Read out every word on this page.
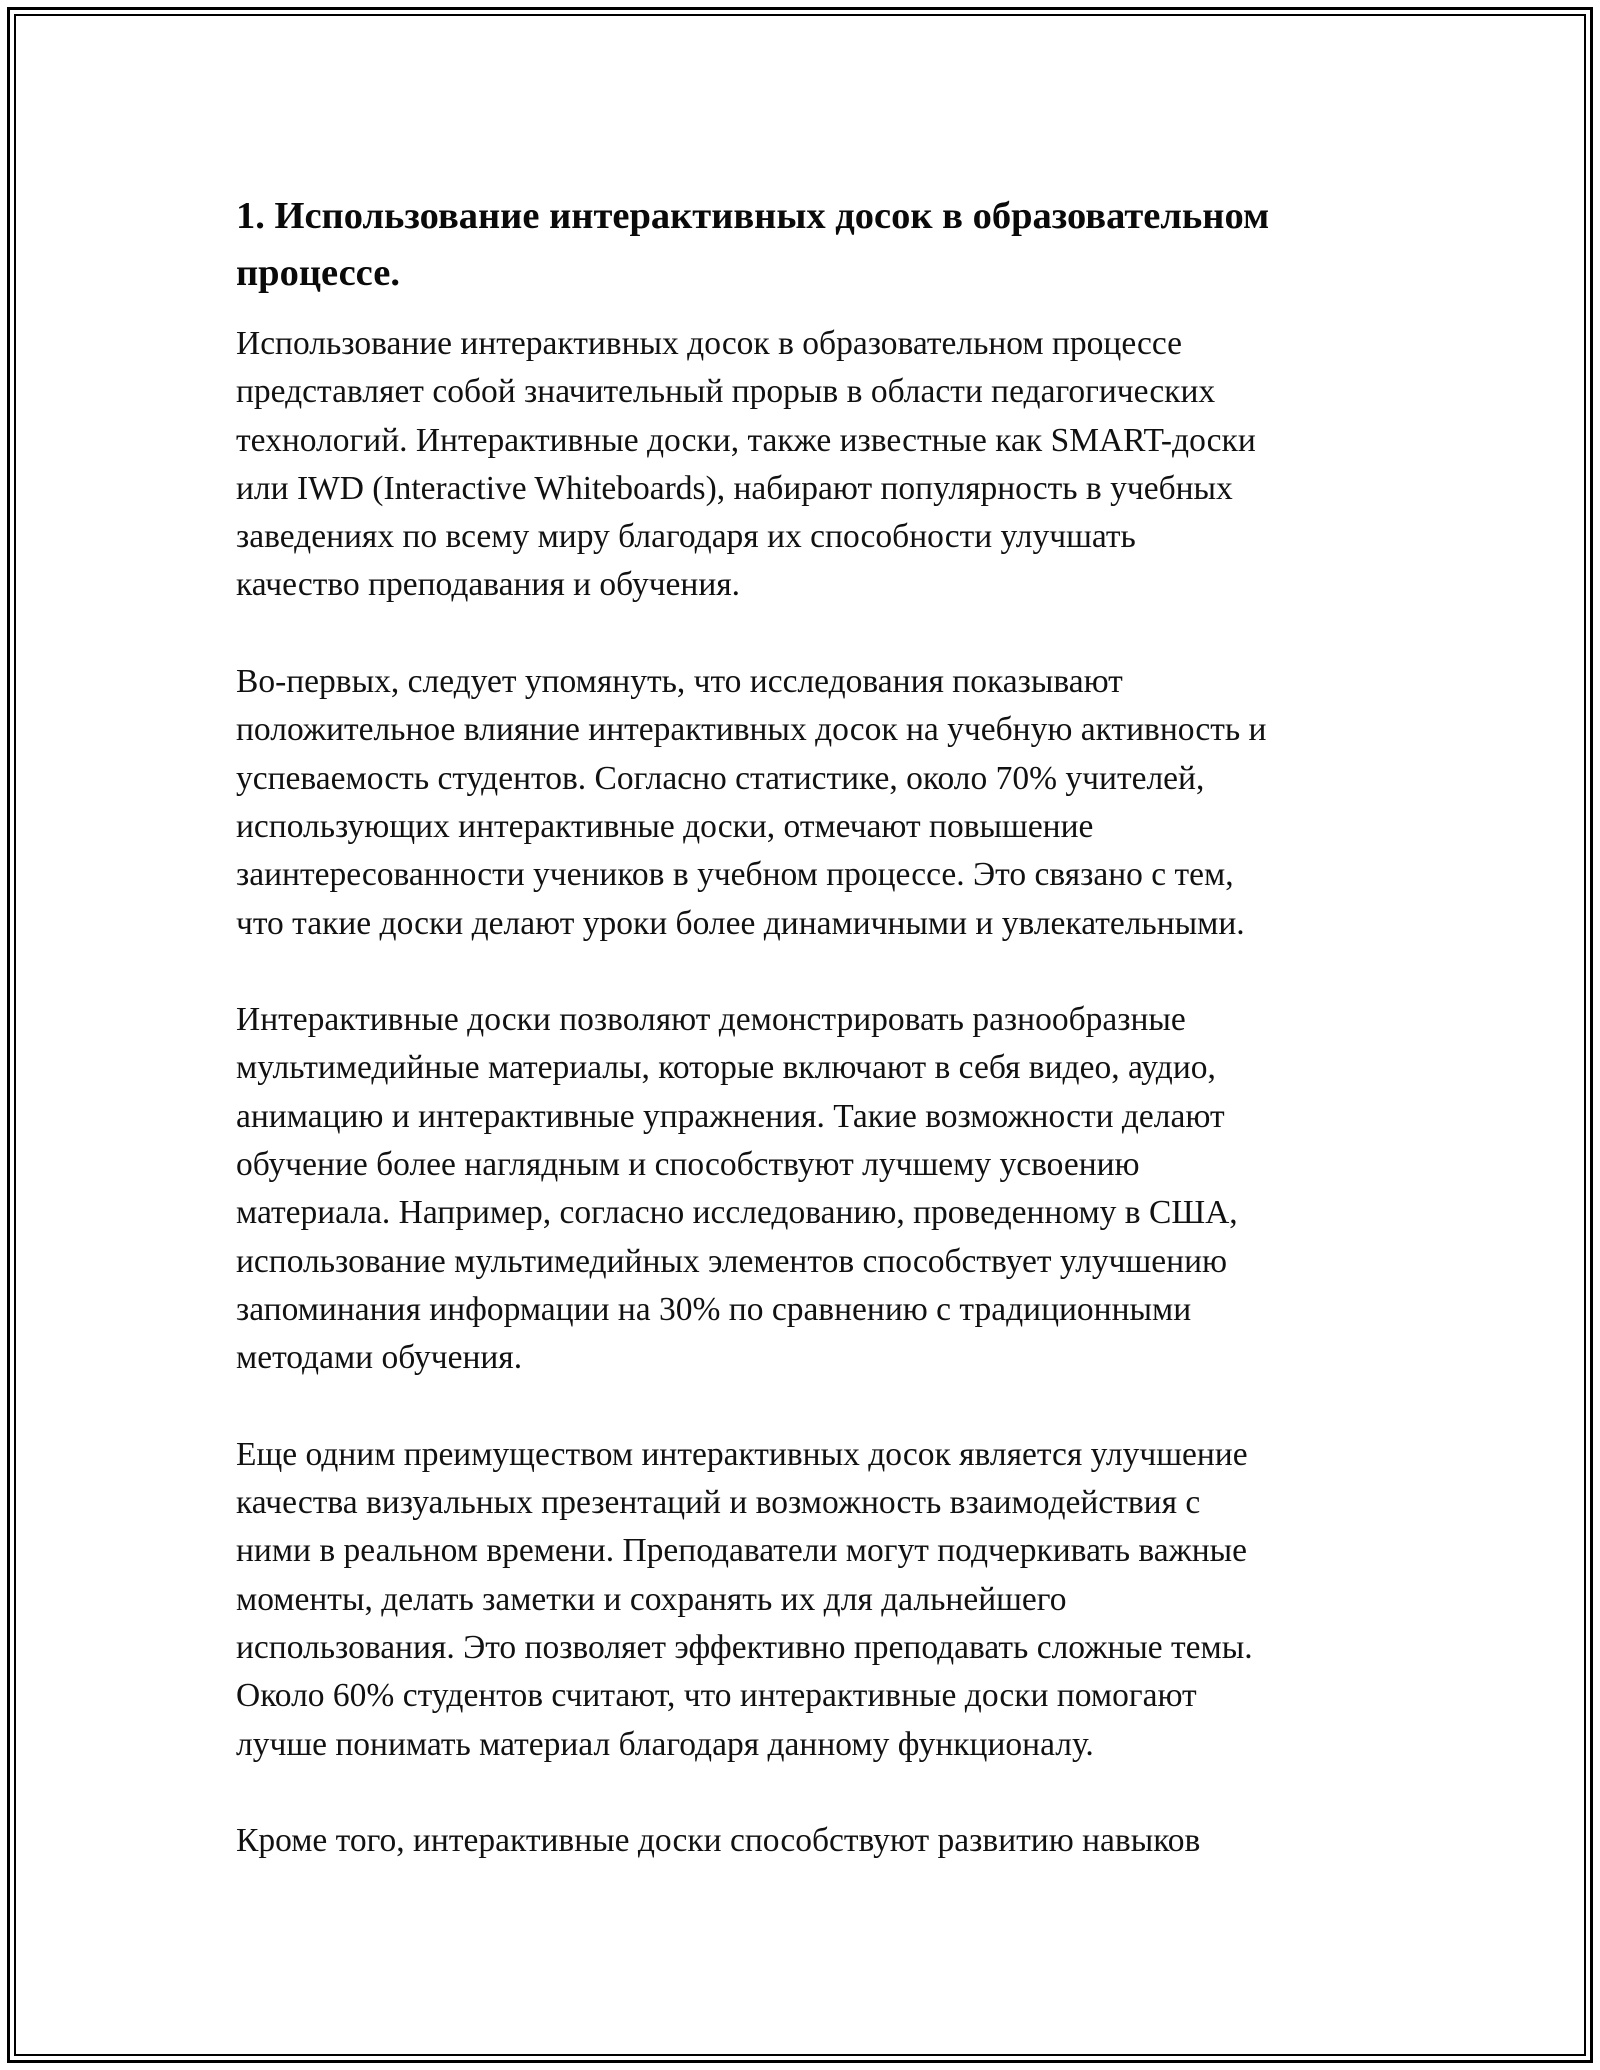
1. Использование интерактивных досок в образовательном
процессе.

Использование интерактивных досок в образовательном процессе
представляет собой значительный прорыв в области педагогических
технологий. Интерактивные доски, также известные как SMART-доски
или IWD (Interactive Whiteboards), набирают популярность в учебных
заведениях по всему миру благодаря их способности улучшать
качество преподавания и обучения.

Во-первых, следует упомянуть, что исследования показывают
положительное влияние интерактивных досок на учебную активность и
успеваемость студентов. Согласно статистике, около 70% учителей,
использующих интерактивные доски, отмечают повышение
заинтересованности учеников в учебном процессе. Это связано с тем,
что такие доски делают уроки более динамичными и увлекательными.

Интерактивные доски позволяют демонстрировать разнообразные
мультимедийные материалы, которые включают в себя видео, аудио,
анимацию и интерактивные упражнения. Такие возможности делают
обучение более наглядным и способствуют лучшему усвоению
материала. Например, согласно исследованию, проведенному в США,
использование мультимедийных элементов способствует улучшению
запоминания информации на 30% по сравнению с традиционными
методами обучения.

Еще одним преимуществом интерактивных досок является улучшение
качества визуальных презентаций и возможность взаимодействия с
ними в реальном времени. Преподаватели могут подчеркивать важные
моменты, делать заметки и сохранять их для дальнейшего
использования. Это позволяет эффективно преподавать сложные темы.
Около 60% студентов считают, что интерактивные доски помогают
лучше понимать материал благодаря данному функционалу.

Кроме того, интерактивные доски способствуют развитию навыков
